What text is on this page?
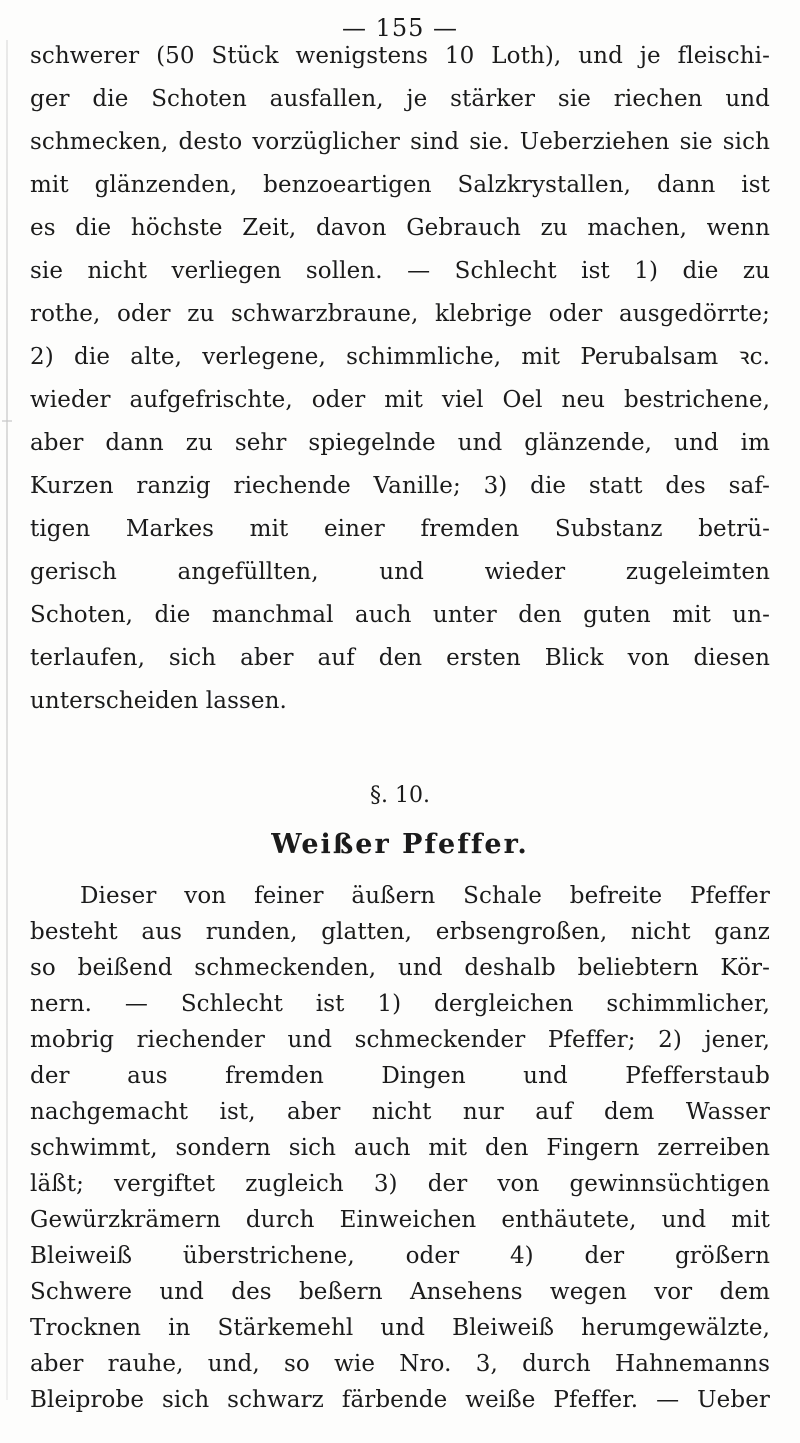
— 155 —
schwerer (50 Stück wenigstens 10 Loth), und je fleischi-
ger die Schoten ausfallen, je stärker sie riechen und
schmecken, desto vorzüglicher sind sie. Ueberziehen sie sich
mit glänzenden, benzoeartigen Salzkrystallen, dann ist
es die höchste Zeit, davon Gebrauch zu machen, wenn
sie nicht verliegen sollen. — Schlecht ist 1) die zu
rothe, oder zu schwarzbraune, klebrige oder ausgedörrte;
2) die alte, verlegene, schimmliche, mit Perubalsam ꝛc.
wieder aufgefrischte, oder mit viel Oel neu bestrichene,
aber dann zu sehr spiegelnde und glänzende, und im
Kurzen ranzig riechende Vanille; 3) die statt des saf-
tigen Markes mit einer fremden Substanz betrü-
gerisch angefüllten, und wieder zugeleimten
Schoten, die manchmal auch unter den guten mit un-
terlaufen, sich aber auf den ersten Blick von diesen
unterscheiden lassen.
§. 10.
Weißer Pfeffer.
Dieser von feiner äußern Schale befreite Pfeffer
besteht aus runden, glatten, erbsengroßen, nicht ganz
so beißend schmeckenden, und deshalb beliebtern Kör-
nern. — Schlecht ist 1) dergleichen schimmlicher,
mobrig riechender und schmeckender Pfeffer; 2) jener,
der aus fremden Dingen und Pfefferstaub
nachgemacht ist, aber nicht nur auf dem Wasser
schwimmt, sondern sich auch mit den Fingern zerreiben
läßt; vergiftet zugleich 3) der von gewinnsüchtigen
Gewürzkrämern durch Einweichen enthäutete, und mit
Bleiweiß überstrichene, oder 4) der größern
Schwere und des beßern Ansehens wegen vor dem
Trocknen in Stärkemehl und Bleiweiß herumgewälzte,
aber rauhe, und, so wie Nro. 3, durch Hahnemanns
Bleiprobe sich schwarz färbende weiße Pfeffer. — Ueber
